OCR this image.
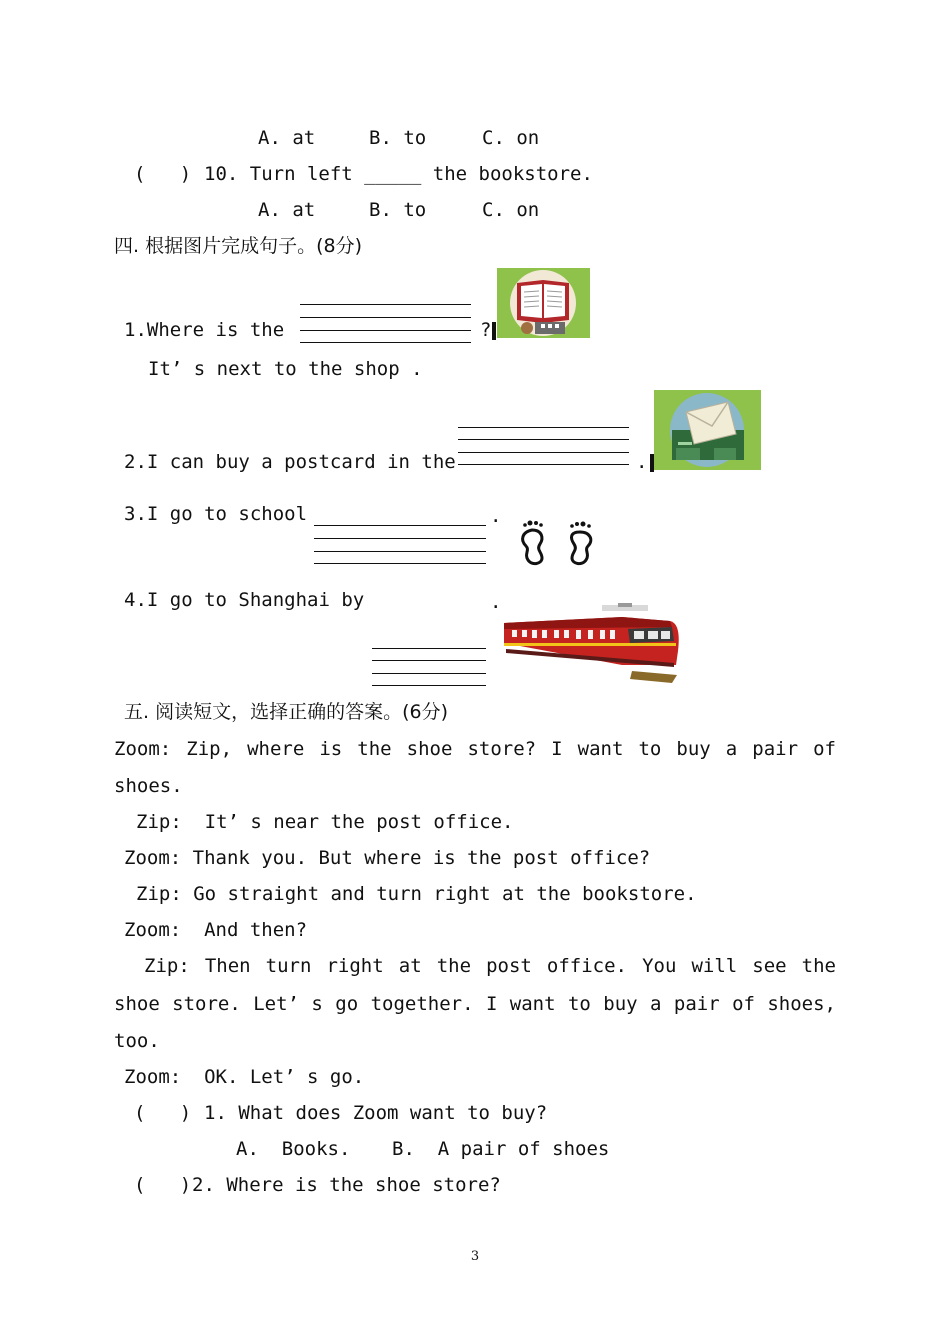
A. at	B. to	C. on
(   ) 10. Turn left _____ the bookstore.
A. at	B. to	C. on
四. 根据图片完成句子。(8分)
1.Where is the	?
It’ s next to the shop .
2.I can buy a postcard in the	.
3.I go to school	.
4.I go to Shanghai by	.
五. 阅读短文，选择正确的答案。(6分)
Zoom: Zip, where is the shoe store? I want to buy a pair of
shoes.
Zip:  It’ s near the post office.
Zoom: Thank you. But where is the post office?
Zip: Go straight and turn right at the bookstore.
Zoom:  And then?
Zip: Then turn right at the post office. You will see the
shoe store. Let’ s go together. I want to buy a pair of shoes,
too.
Zoom:  OK. Let’ s go.
(   ) 1. What does Zoom want to buy?
A.  Books. B.  A pair of shoes
(   ) 2. Where is the shoe store?
3
